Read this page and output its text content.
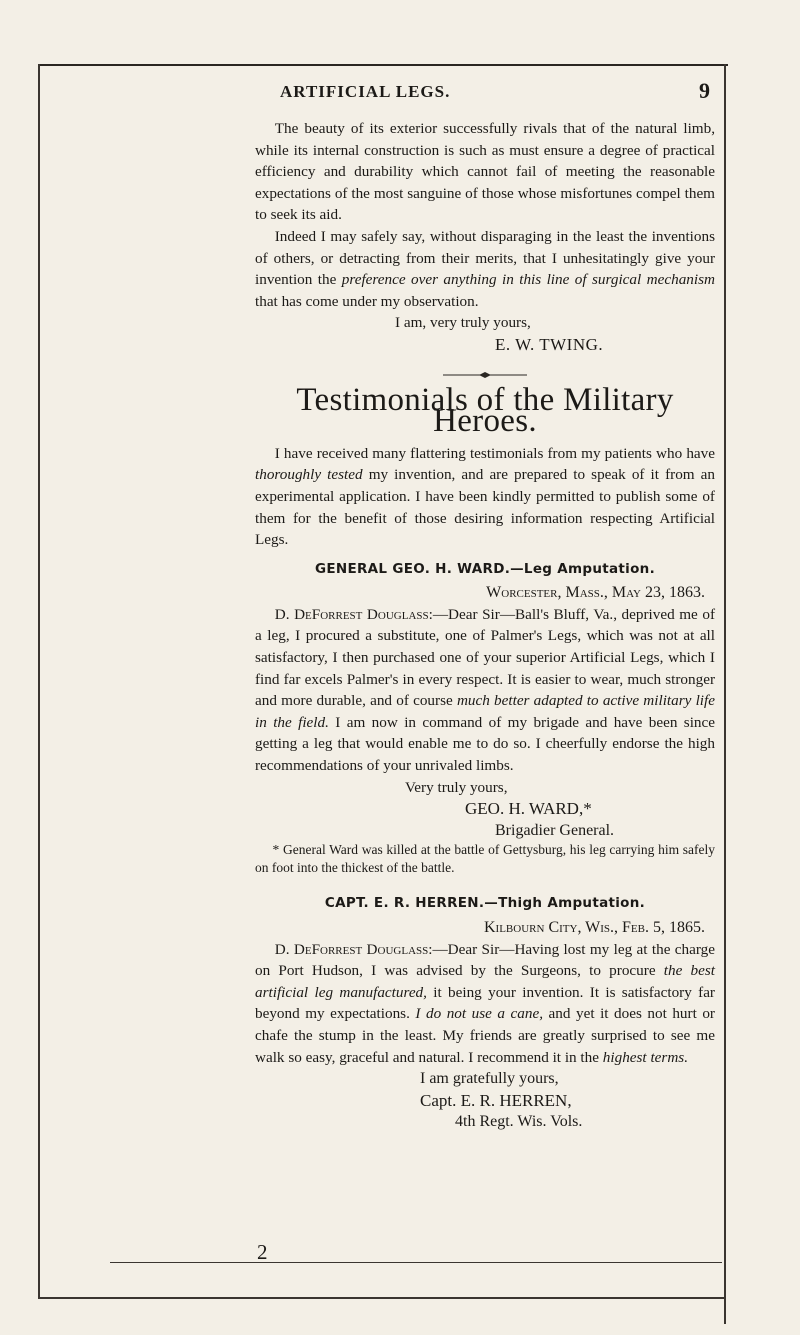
ARTIFICIAL LEGS.	9

The beauty of its exterior successfully rivals that of the natural limb, while its internal construction is such as must ensure a degree of practical efficiency and durability which cannot fail of meeting the reasonable expectations of the most sanguine of those whose misfortunes compel them to seek its aid.

Indeed I may safely say, without disparaging in the least the inventions of others, or detracting from their merits, that I unhesitatingly give your invention the preference over anything in this line of surgical mechanism that has come under my observation.

I am, very truly yours,
E. W. TWING.
Testimonials of the Military Heroes.

I have received many flattering testimonials from my patients who have thoroughly tested my invention, and are prepared to speak of it from an experimental application. I have been kindly permitted to publish some of them for the benefit of those desiring information respecting Artificial Legs.

GENERAL GEO. H. WARD.—Leg Amputation.
Worcester, Mass., May 23, 1863.

D. DeForrest Douglass:—Dear Sir—Ball's Bluff, Va., deprived me of a leg, I procured a substitute, one of Palmer's Legs, which was not at all satisfactory, I then purchased one of your superior Artificial Legs, which I find far excels Palmer's in every respect. It is easier to wear, much stronger and more durable, and of course much better adapted to active military life in the field. I am now in command of my brigade and have been since getting a leg that would enable me to do so. I cheerfully endorse the high recommendations of your unrivaled limbs.

Very truly yours,
GEO. H. WARD,*
Brigadier General.

* General Ward was killed at the battle of Gettysburg, his leg carrying him safely on foot into the thickest of the battle.

CAPT. E. R. HERREN.—Thigh Amputation.
Kilbourn City, Wis., Feb. 5, 1865.

D. DeForrest Douglass:—Dear Sir—Having lost my leg at the charge on Port Hudson, I was advised by the Surgeons, to procure the best artificial leg manufactured, it being your invention. It is satisfactory far beyond my expectations. I do not use a cane, and yet it does not hurt or chafe the stump in the least. My friends are greatly surprised to see me walk so easy, graceful and natural. I recommend it in the highest terms.

I am gratefully yours,
Capt. E. R. HERREN,
4th Regt. Wis. Vols.
2
